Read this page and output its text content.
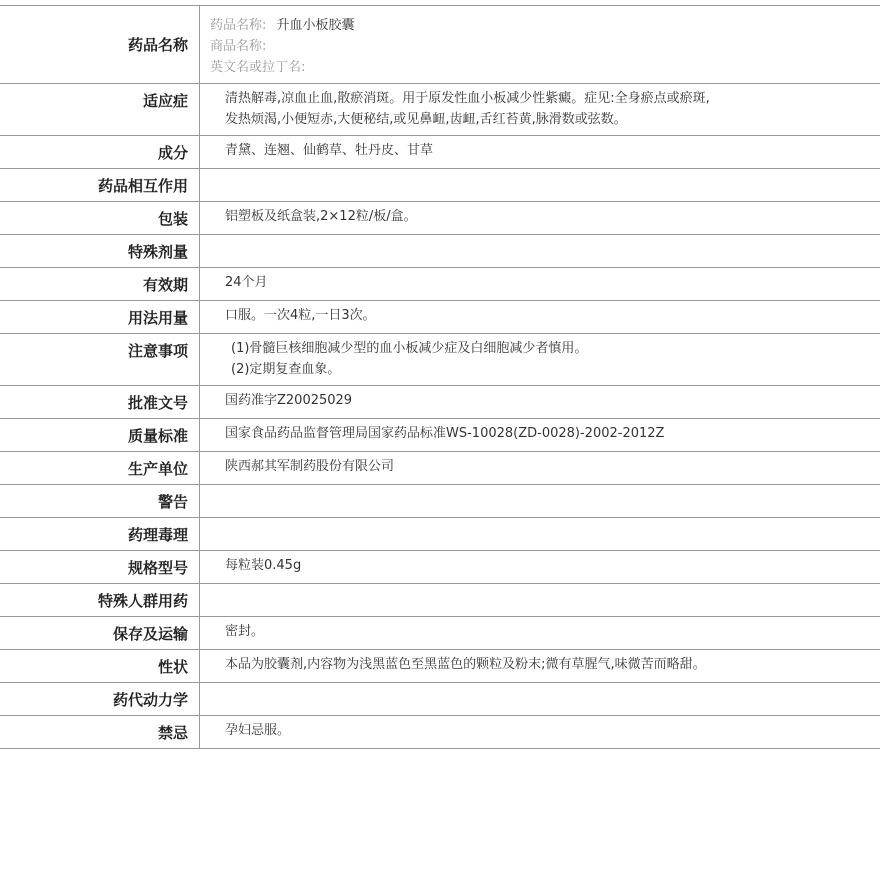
药品名称
药品名称: 升血小板胶囊
商品名称:
英文名或拉丁名:
适应症	清热解毒,凉血止血,散瘀消斑。用于原发性血小板减少性紫癜。症见:全身瘀点或瘀斑,
发热烦渴,小便短赤,大便秘结,或见鼻衄,齿衄,舌红苔黄,脉滑数或弦数。
成分	青黛、连翘、仙鹤草、牡丹皮、甘草
药品相互作用
包装	铝塑板及纸盒装,2×12粒/板/盒。
特殊剂量
有效期	24个月
用法用量	口服。一次4粒,一日3次。
注意事项	(1)骨髓巨核细胞减少型的血小板减少症及白细胞减少者慎用。
(2)定期复查血象。
批准文号	国药准字Z20025029
质量标准	国家食品药品监督管理局国家药品标准WS-10028(ZD-0028)-2002-2012Z
生产单位	陕西郝其军制药股份有限公司
警告
药理毒理
规格型号	每粒装0.45g
特殊人群用药
保存及运输	密封。
性状	本品为胶囊剂,内容物为浅黑蓝色至黑蓝色的颗粒及粉末;微有草腥气,味微苦而略甜。
药代动力学
禁忌	孕妇忌服。
